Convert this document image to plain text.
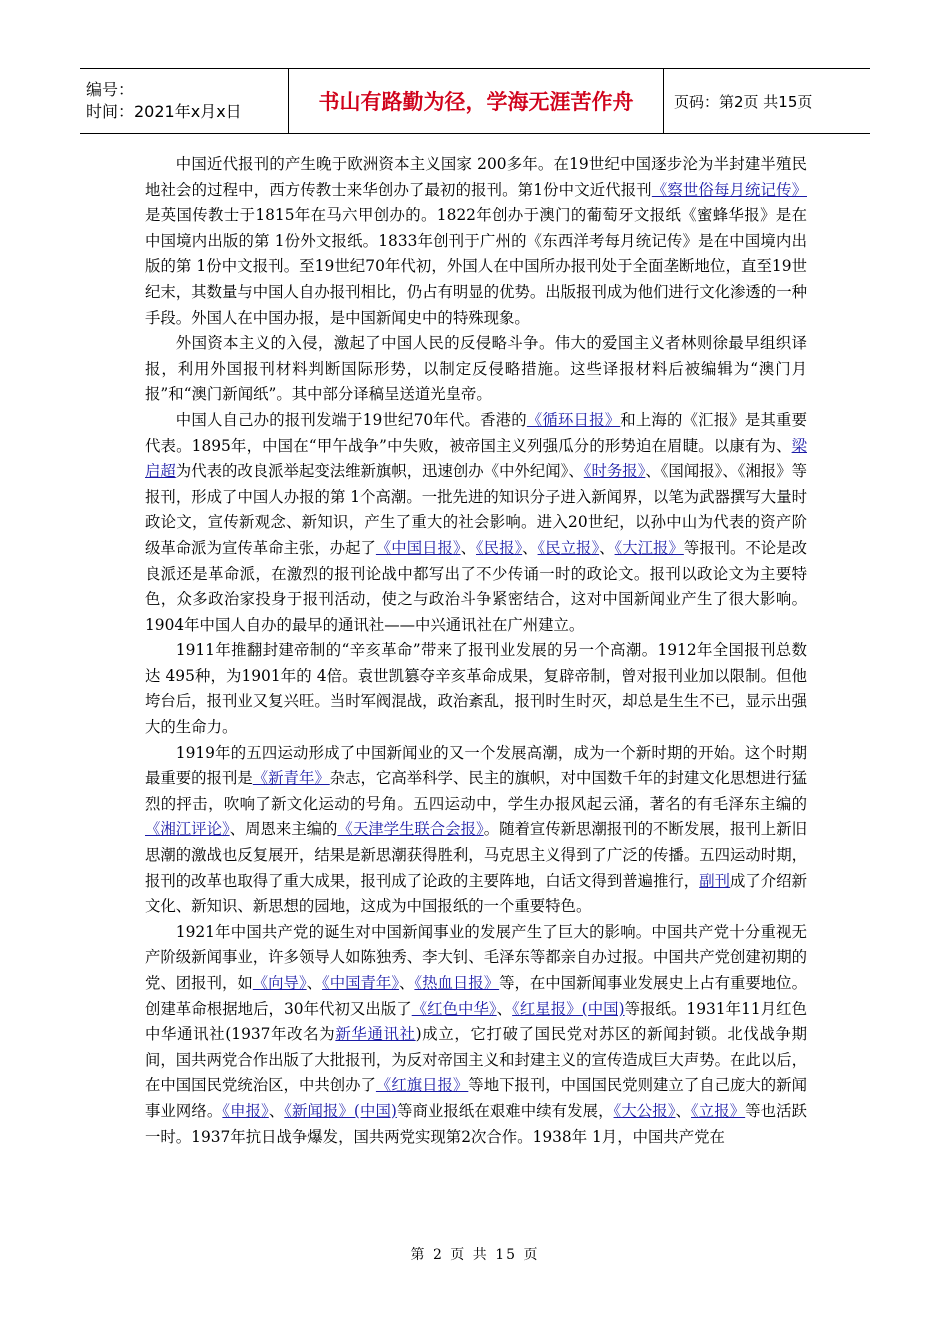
编号：
时间：2021年x月x日	书山有路勤为径，学海无涯苦作舟	页码：第2页 共15页

中国近代报刊的产生晚于欧洲资本主义国家 200多年。在19世纪中国逐步沦为半封建半殖民地社会的过程中，西方传教士来华创办了最初的报刊。第1份中文近代报刊《察世俗每月统记传》是英国传教士于1815年在马六甲创办的。1822年创办于澳门的葡萄牙文报纸《蜜蜂华报》是在中国境内出版的第 1份外文报纸。1833年创刊于广州的《东西洋考每月统记传》是在中国境内出版的第 1份中文报刊。至19世纪70年代初，外国人在中国所办报刊处于全面垄断地位，直至19世纪末，其数量与中国人自办报刊相比，仍占有明显的优势。出版报刊成为他们进行文化渗透的一种手段。外国人在中国办报，是中国新闻史中的特殊现象。

外国资本主义的入侵，激起了中国人民的反侵略斗争。伟大的爱国主义者林则徐最早组织译报，利用外国报刊材料判断国际形势，以制定反侵略措施。这些译报材料后被编辑为“澳门月报”和“澳门新闻纸”。其中部分译稿呈送道光皇帝。

中国人自己办的报刊发端于19世纪70年代。香港的《循环日报》和上海的《汇报》是其重要代表。1895年，中国在“甲午战争”中失败，被帝国主义列强瓜分的形势迫在眉睫。以康有为、梁启超为代表的改良派举起变法维新旗帜，迅速创办《中外纪闻》、《时务报》、《国闻报》、《湘报》等报刊，形成了中国人办报的第 1个高潮。一批先进的知识分子进入新闻界，以笔为武器撰写大量时政论文，宣传新观念、新知识，产生了重大的社会影响。进入20世纪，以孙中山为代表的资产阶级革命派为宣传革命主张，办起了《中国日报》、《民报》、《民立报》、《大江报》等报刊。不论是改良派还是革命派，在激烈的报刊论战中都写出了不少传诵一时的政论文。报刊以政论文为主要特色，众多政治家投身于报刊活动，使之与政治斗争紧密结合，这对中国新闻业产生了很大影响。1904年中国人自办的最早的通讯社——中兴通讯社在广州建立。

1911年推翻封建帝制的“辛亥革命”带来了报刊业发展的另一个高潮。1912年全国报刊总数达 495种，为1901年的 4倍。袁世凯篡夺辛亥革命成果，复辟帝制，曾对报刊业加以限制。但他垮台后，报刊业又复兴旺。当时军阀混战，政治紊乱，报刊时生时灭，却总是生生不已，显示出强大的生命力。

1919年的五四运动形成了中国新闻业的又一个发展高潮，成为一个新时期的开始。这个时期最重要的报刊是《新青年》杂志，它高举科学、民主的旗帜，对中国数千年的封建文化思想进行猛烈的抨击，吹响了新文化运动的号角。五四运动中，学生办报风起云涌，著名的有毛泽东主编的《湘江评论》、周恩来主编的《天津学生联合会报》。随着宣传新思潮报刊的不断发展，报刊上新旧思潮的激战也反复展开，结果是新思潮获得胜利，马克思主义得到了广泛的传播。五四运动时期，报刊的改革也取得了重大成果，报刊成了论政的主要阵地，白话文得到普遍推行，副刊成了介绍新文化、新知识、新思想的园地，这成为中国报纸的一个重要特色。

1921年中国共产党的诞生对中国新闻事业的发展产生了巨大的影响。中国共产党十分重视无产阶级新闻事业，许多领导人如陈独秀、李大钊、毛泽东等都亲自办过报。中国共产党创建初期的党、团报刊，如《向导》、《中国青年》、《热血日报》等，在中国新闻事业发展史上占有重要地位。创建革命根据地后，30年代初又出版了《红色中华》、《红星报》(中国)等报纸。1931年11月红色中华通讯社(1937年改名为新华通讯社)成立，它打破了国民党对苏区的新闻封锁。北伐战争期间，国共两党合作出版了大批报刊，为反对帝国主义和封建主义的宣传造成巨大声势。在此以后，在中国国民党统治区，中共创办了《红旗日报》等地下报刊，中国国民党则建立了自己庞大的新闻事业网络。《申报》、《新闻报》(中国)等商业报纸在艰难中续有发展，《大公报》、《立报》等也活跃一时。1937年抗日战争爆发，国共两党实现第2次合作。1938年 1月，中国共产党在

第 2 页 共 15 页
